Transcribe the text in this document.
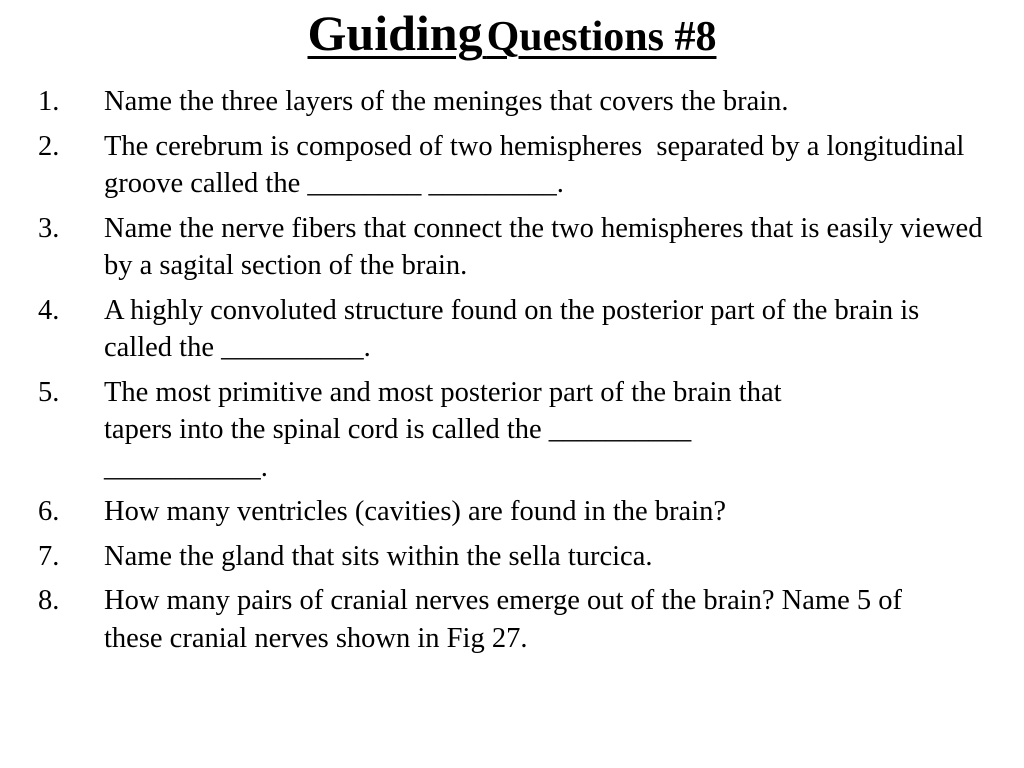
Guiding Questions #8
1. Name the three layers of the meninges that covers the brain.
2. The cerebrum is composed of two hemispheres  separated by a longitudinal groove called the ________ _________.
3. Name the nerve fibers that connect the two hemispheres that is easily viewed by a sagital section of the brain.
4. A highly convoluted structure found on the posterior part of the brain is called the __________.
5. The most primitive and most posterior part of the brain that tapers into the spinal cord is called the __________ ___________.
6. How many ventricles (cavities) are found in the brain?
7. Name the gland that sits within the sella turcica.
8. How many pairs of cranial nerves emerge out of the brain? Name 5 of these cranial nerves shown in Fig 27.
